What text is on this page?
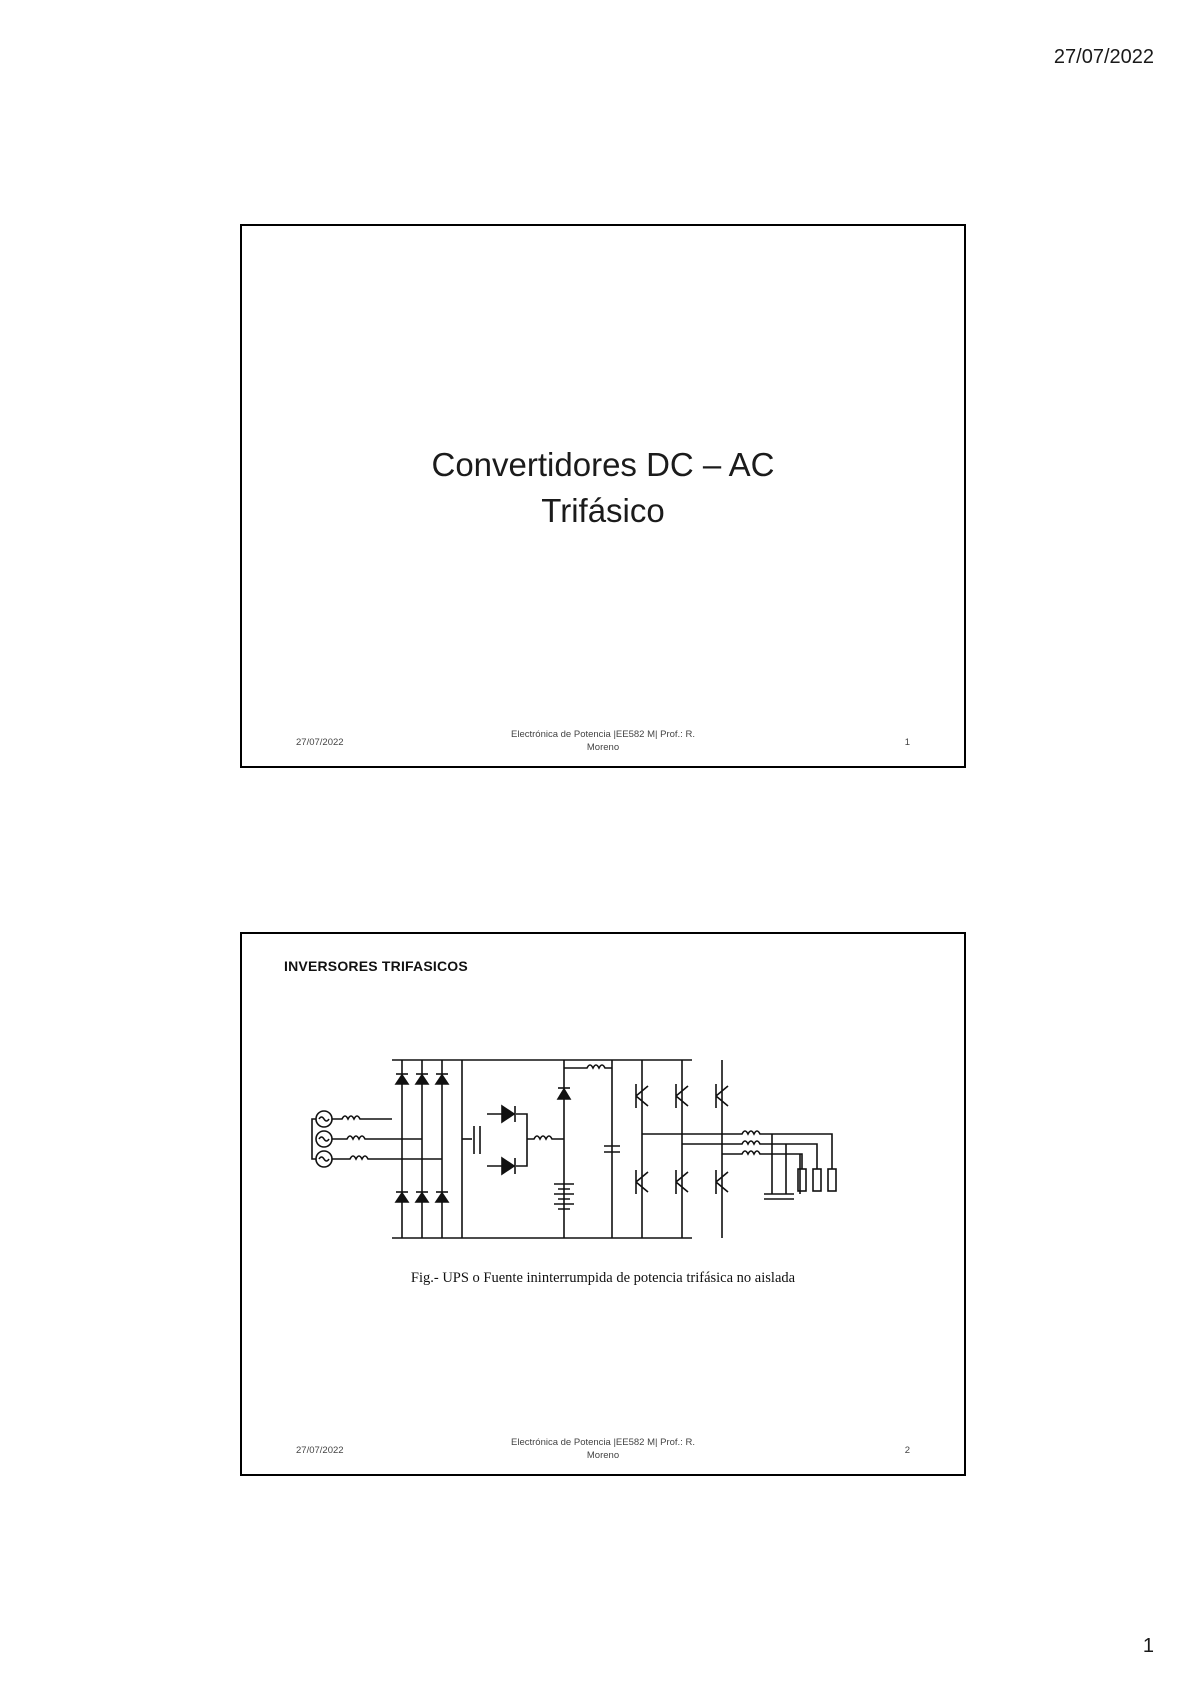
27/07/2022
Convertidores DC – AC
Trifásico
27/07/2022
Electrónica de Potencia |EE582 M| Prof.: R.
Moreno	1
INVERSORES TRIFASICOS
Fig.- UPS o Fuente ininterrumpida de potencia trifásica no aislada
27/07/2022
Electrónica de Potencia |EE582 M| Prof.: R.
Moreno	2
1
